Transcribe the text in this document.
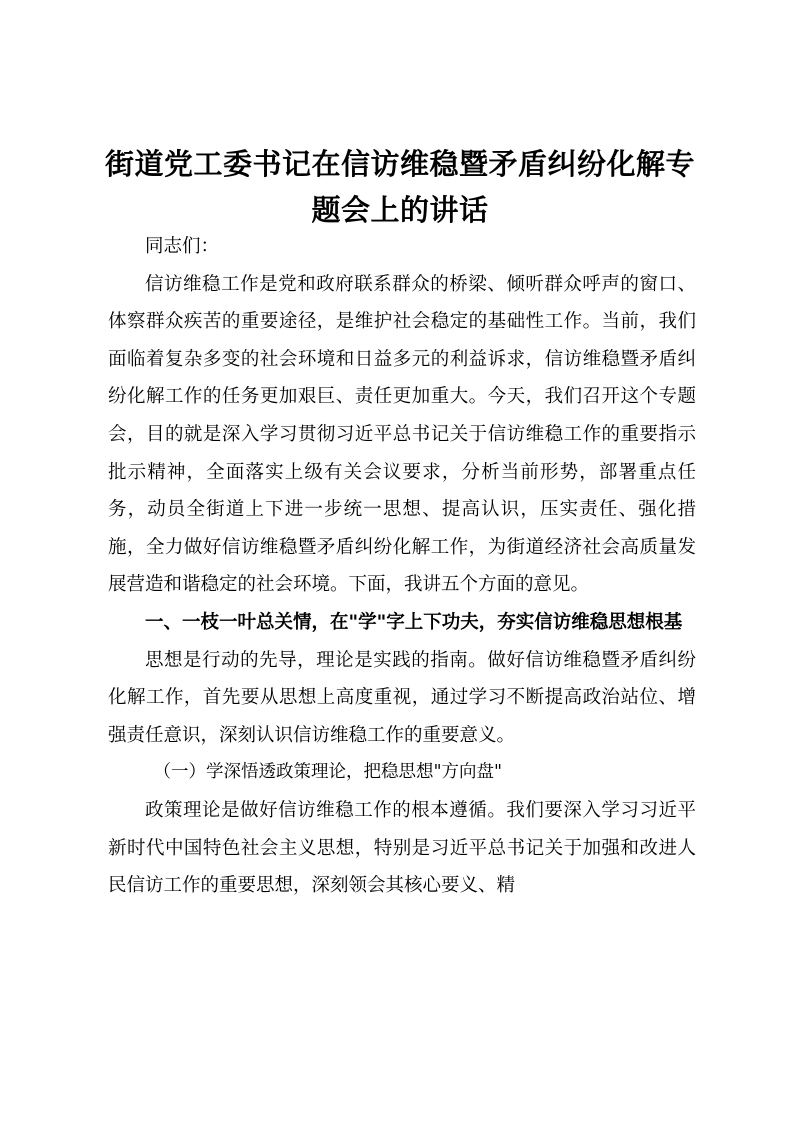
街道党工委书记在信访维稳暨矛盾纠纷化解专题会上的讲话

同志们：

信访维稳工作是党和政府联系群众的桥梁、倾听群众呼声的窗口、体察群众疾苦的重要途径，是维护社会稳定的基础性工作。当前，我们面临着复杂多变的社会环境和日益多元的利益诉求，信访维稳暨矛盾纠纷化解工作的任务更加艰巨、责任更加重大。今天，我们召开这个专题会，目的就是深入学习贯彻习近平总书记关于信访维稳工作的重要指示批示精神，全面落实上级有关会议要求，分析当前形势，部署重点任务，动员全街道上下进一步统一思想、提高认识，压实责任、强化措施，全力做好信访维稳暨矛盾纠纷化解工作，为街道经济社会高质量发展营造和谐稳定的社会环境。下面，我讲五个方面的意见。

一、一枝一叶总关情，在"学"字上下功夫，夯实信访维稳思想根基

思想是行动的先导，理论是实践的指南。做好信访维稳暨矛盾纠纷化解工作，首先要从思想上高度重视，通过学习不断提高政治站位、增强责任意识，深刻认识信访维稳工作的重要意义。

（一）学深悟透政策理论，把稳思想"方向盘"

政策理论是做好信访维稳工作的根本遵循。我们要深入学习习近平新时代中国特色社会主义思想，特别是习近平总书记关于加强和改进人民信访工作的重要思想，深刻领会其核心要义、精
